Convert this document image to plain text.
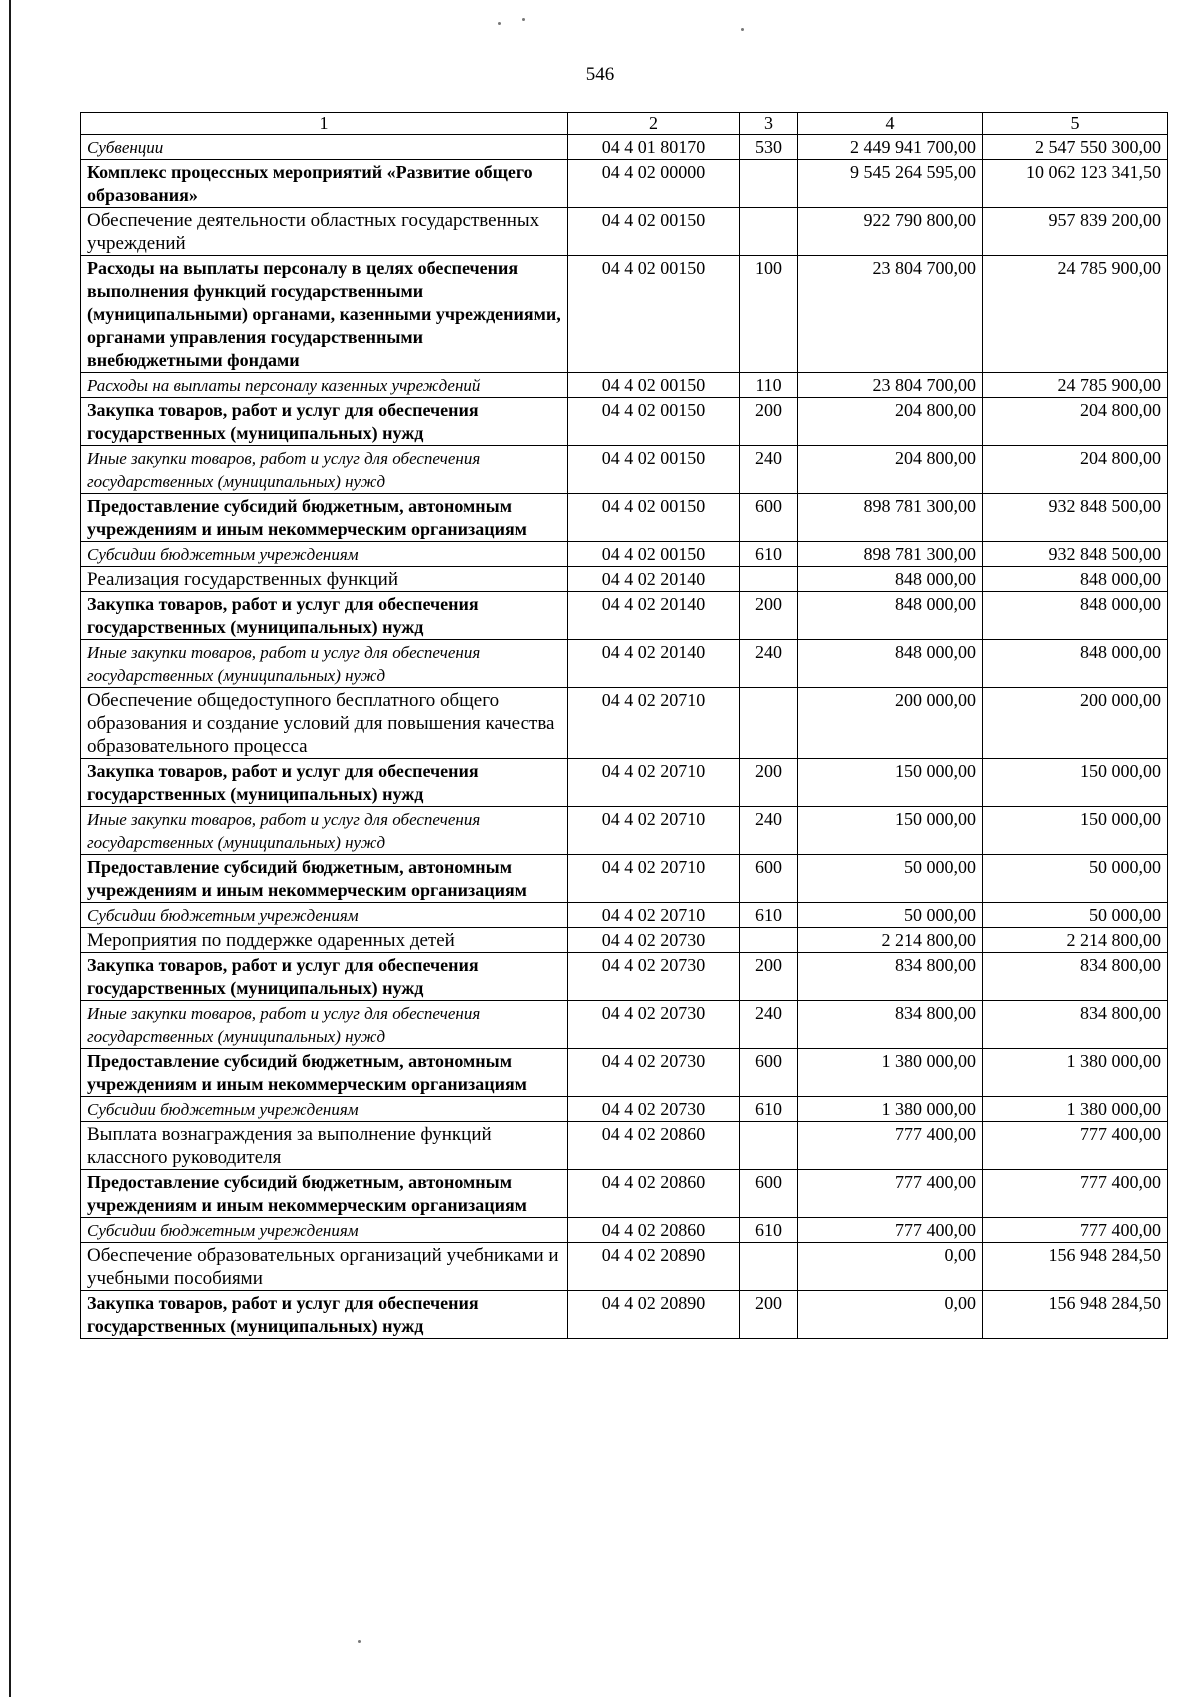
546
1	2	3	4	5
Субвенции	04 4 01 80170	530	2 449 941 700,00	2 547 550 300,00
Комплекс процессных мероприятий «Развитие общего образования»	04 4 02 00000		9 545 264 595,00	10 062 123 341,50
Обеспечение деятельности областных государственных учреждений	04 4 02 00150		922 790 800,00	957 839 200,00
Расходы на выплаты персоналу в целях обеспечения выполнения функций государственными (муниципальными) органами, казенными учреждениями, органами управления государственными внебюджетными фондами	04 4 02 00150	100	23 804 700,00	24 785 900,00
Расходы на выплаты персоналу казенных учреждений	04 4 02 00150	110	23 804 700,00	24 785 900,00
Закупка товаров, работ и услуг для обеспечения государственных (муниципальных) нужд	04 4 02 00150	200	204 800,00	204 800,00
Иные закупки товаров, работ и услуг для обеспечения государственных (муниципальных) нужд	04 4 02 00150	240	204 800,00	204 800,00
Предоставление субсидий бюджетным, автономным учреждениям и иным некоммерческим организациям	04 4 02 00150	600	898 781 300,00	932 848 500,00
Субсидии бюджетным учреждениям	04 4 02 00150	610	898 781 300,00	932 848 500,00
Реализация государственных функций	04 4 02 20140		848 000,00	848 000,00
Закупка товаров, работ и услуг для обеспечения государственных (муниципальных) нужд	04 4 02 20140	200	848 000,00	848 000,00
Иные закупки товаров, работ и услуг для обеспечения государственных (муниципальных) нужд	04 4 02 20140	240	848 000,00	848 000,00
Обеспечение общедоступного бесплатного общего образования и создание условий для повышения качества образовательного процесса	04 4 02 20710		200 000,00	200 000,00
Закупка товаров, работ и услуг для обеспечения государственных (муниципальных) нужд	04 4 02 20710	200	150 000,00	150 000,00
Иные закупки товаров, работ и услуг для обеспечения государственных (муниципальных) нужд	04 4 02 20710	240	150 000,00	150 000,00
Предоставление субсидий бюджетным, автономным учреждениям и иным некоммерческим организациям	04 4 02 20710	600	50 000,00	50 000,00
Субсидии бюджетным учреждениям	04 4 02 20710	610	50 000,00	50 000,00
Мероприятия по поддержке одаренных детей	04 4 02 20730		2 214 800,00	2 214 800,00
Закупка товаров, работ и услуг для обеспечения государственных (муниципальных) нужд	04 4 02 20730	200	834 800,00	834 800,00
Иные закупки товаров, работ и услуг для обеспечения государственных (муниципальных) нужд	04 4 02 20730	240	834 800,00	834 800,00
Предоставление субсидий бюджетным, автономным учреждениям и иным некоммерческим организациям	04 4 02 20730	600	1 380 000,00	1 380 000,00
Субсидии бюджетным учреждениям	04 4 02 20730	610	1 380 000,00	1 380 000,00
Выплата вознаграждения за выполнение функций классного руководителя	04 4 02 20860		777 400,00	777 400,00
Предоставление субсидий бюджетным, автономным учреждениям и иным некоммерческим организациям	04 4 02 20860	600	777 400,00	777 400,00
Субсидии бюджетным учреждениям	04 4 02 20860	610	777 400,00	777 400,00
Обеспечение образовательных организаций учебниками и учебными пособиями	04 4 02 20890		0,00	156 948 284,50
Закупка товаров, работ и услуг для обеспечения государственных (муниципальных) нужд	04 4 02 20890	200	0,00	156 948 284,50
